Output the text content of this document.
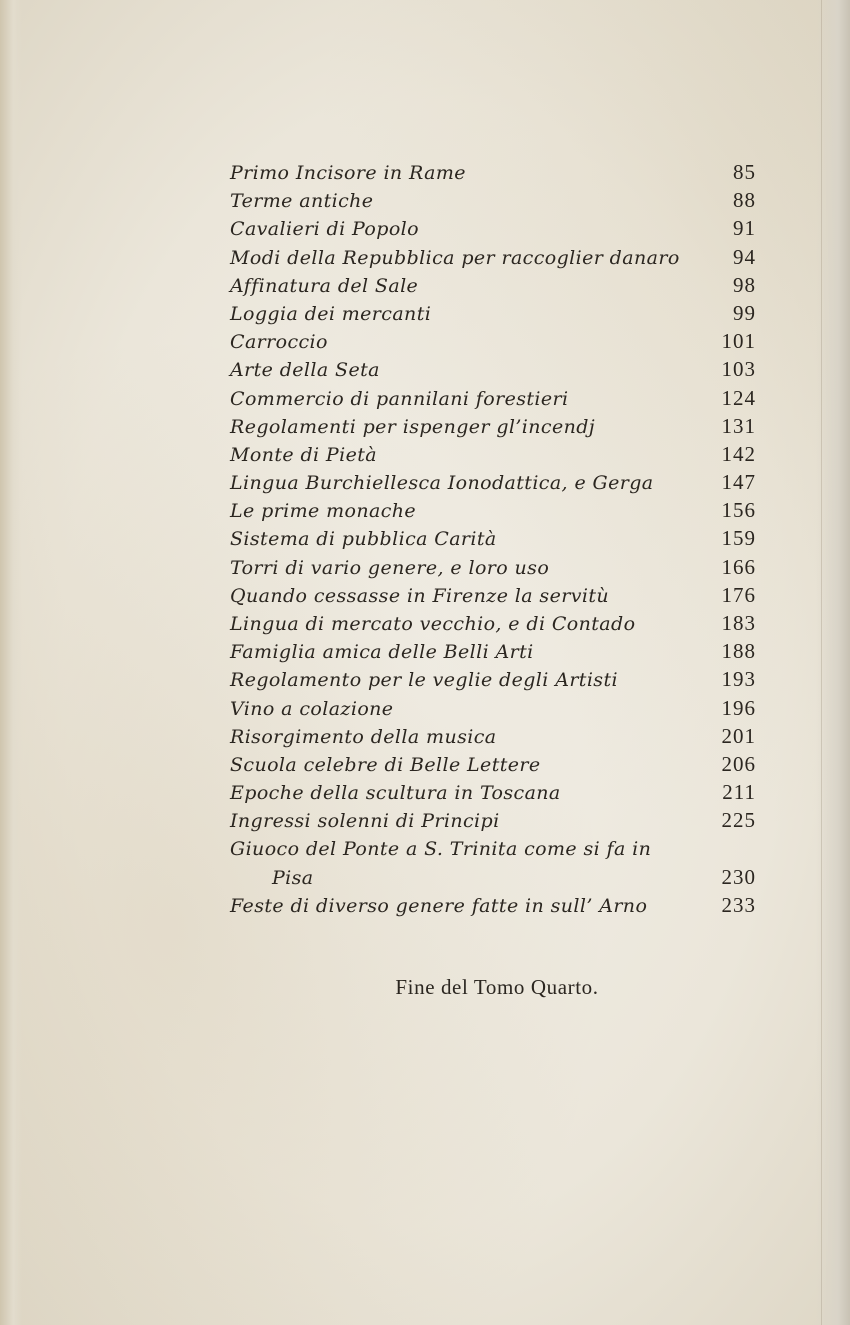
Primo Incisore in Rame	85
Terme antiche	88
Cavalieri di Popolo	91
Modi della Repubblica per raccoglier danaro	94
Affinatura del Sale	98
Loggia dei mercanti	99
Carroccio	101
Arte della Seta	103
Commercio di pannilani forestieri	124
Regolamenti per ispenger gl’incendj	131
Monte di Pietà	142
Lingua Burchiellesca Ionodattica, e Gerga	147
Le prime monache	156
Sistema di pubblica Carità	159
Torri di vario genere, e loro uso	166
Quando cessasse in Firenze la servitù	176
Lingua di mercato vecchio, e di Contado	183
Famiglia amica delle Belli Arti	188
Regolamento per le veglie degli Artisti	193
Vino a colazione	196
Risorgimento della musica	201
Scuola celebre di Belle Lettere	206
Epoche della scultura in Toscana	211
Ingressi solenni di Principi	225
Giuoco del Ponte a S. Trinita come si fa in
Pisa	230
Feste di diverso genere fatte in sull’ Arno	233
Fine del Tomo Quarto.
